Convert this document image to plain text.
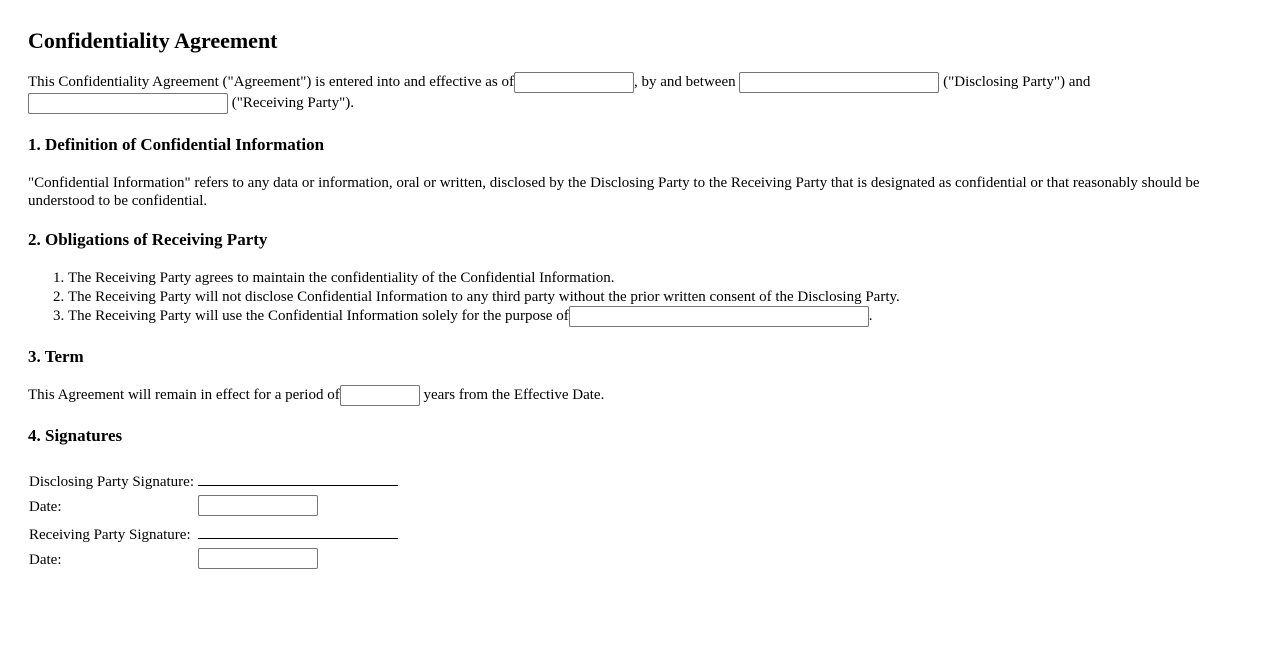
Confidentiality Agreement

This Confidentiality Agreement ("Agreement") is entered into and effective as of	, by and between	("Disclosing Party") and
("Receiving Party").

1. Definition of Confidential Information

"Confidential Information" refers to any data or information, oral or written, disclosed by the Disclosing Party to the Receiving Party that is designated as confidential or that reasonably should be understood to be confidential.

2. Obligations of Receiving Party
1. The Receiving Party agrees to maintain the confidentiality of the Confidential Information.
2. The Receiving Party will not disclose Confidential Information to any third party without the prior written consent of the Disclosing Party.
3. The Receiving Party will use the Confidential Information solely for the purpose of	.
3. Term

This Agreement will remain in effect for a period of	years from the Effective Date.

4. Signatures
Disclosing Party Signature:	
Date:	
Receiving Party Signature:	
Date:	
